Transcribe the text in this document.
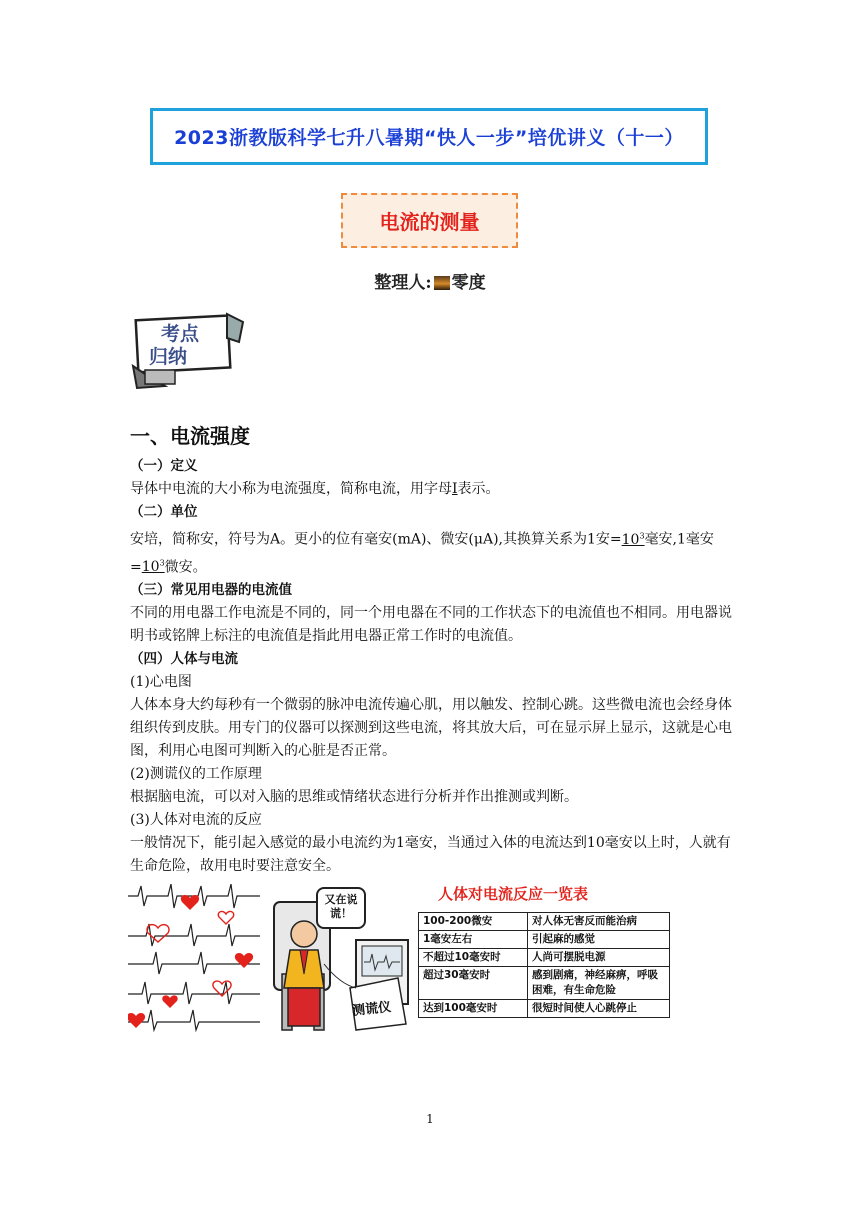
2023浙教版科学七升八暑期“快人一步”培优讲义（十一）
电流的测量
整理人: 零度
考点
归纳
一、电流强度
（一）定义
导体中电流的大小称为电流强度，简称电流，用字母I表示。
（二）单位
安培，简称安，符号为A。更小的位有毫安(mA)、微安(μA),其换算关系为1安$=10^3$毫安,1毫安$=10^3$微安。
（三）常见用电器的电流值
不同的用电器工作电流是不同的，同一个用电器在不同的工作状态下的电流值也不相同。用电器说明书或铭牌上标注的电流值是指此用电器正常工作时的电流值。
（四）人体与电流
(1)心电图
人体本身大约每秒有一个微弱的脉冲电流传遍心肌，用以触发、控制心跳。这些微电流也会经身体组织传到皮肤。用专门的仪器可以探测到这些电流，将其放大后，可在显示屏上显示，这就是心电图，利用心电图可判断入的心脏是否正常。
(2)测谎仪的工作原理
根据脑电流，可以对入脑的思维或情绪状态进行分析并作出推测或判断。
(3)人体对电流的反应
一般情况下，能引起入感觉的最小电流约为1毫安，当通过入体的电流达到10毫安以上时，人就有生命危险，故用电时要注意安全。
又在说谎！
测谎仪
人体对电流反应一览表
100-200微安	对人体无害反而能治病
1毫安左右	引起麻的感觉
不超过10毫安时	人尚可摆脱电源
超过30毫安时	感到剧痛，神经麻痹，呼吸困难，有生命危险
达到100毫安时	很短时间使人心跳停止
1
